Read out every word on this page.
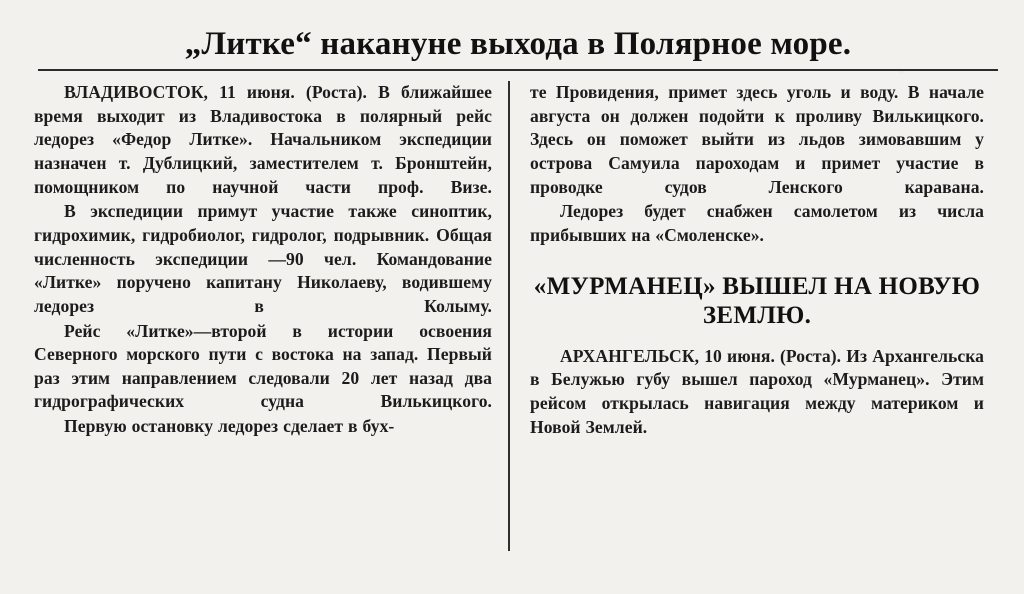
„Литке“ накануне выхода в Полярное море.

ВЛАДИВОСТОК, 11 июня. (Роста). В ближайшее время выходит из Владивостока в полярный рейс ледорез «Федор Литке». Начальником экспедиции назначен т. Дублицкий, заместителем т. Бронштейн, помощником по научной части проф. Визе.

В экспедиции примут участие также синоптик, гидрохимик, гидробиолог, гидролог, подрывник. Общая численность экспедиции —90 чел. Командование «Литке» поручено капитану Николаеву, водившему ледорез в Колыму.

Рейс «Литке»—второй в истории освоения Северного морского пути с востока на запад. Первый раз этим направлением следовали 20 лет назад два гидрографических судна Вилькицкого.

Первую остановку ледорез сделает в бух-

те Провидения, примет здесь уголь и воду. В начале августа он должен подойти к проливу Вилькицкого. Здесь он поможет выйти из льдов зимовавшим у острова Самуила пароходам и примет участие в проводке судов Ленского каравана.

Ледорез будет снабжен самолетом из числа прибывших на «Смоленске».

«МУРМАНЕЦ» ВЫШЕЛ НА НОВУЮ ЗЕМЛЮ.

АРХАНГЕЛЬСК, 10 июня. (Роста). Из Архангельска в Белужью губу вышел пароход «Мурманец». Этим рейсом открылась навигация между материком и Новой Землей.
